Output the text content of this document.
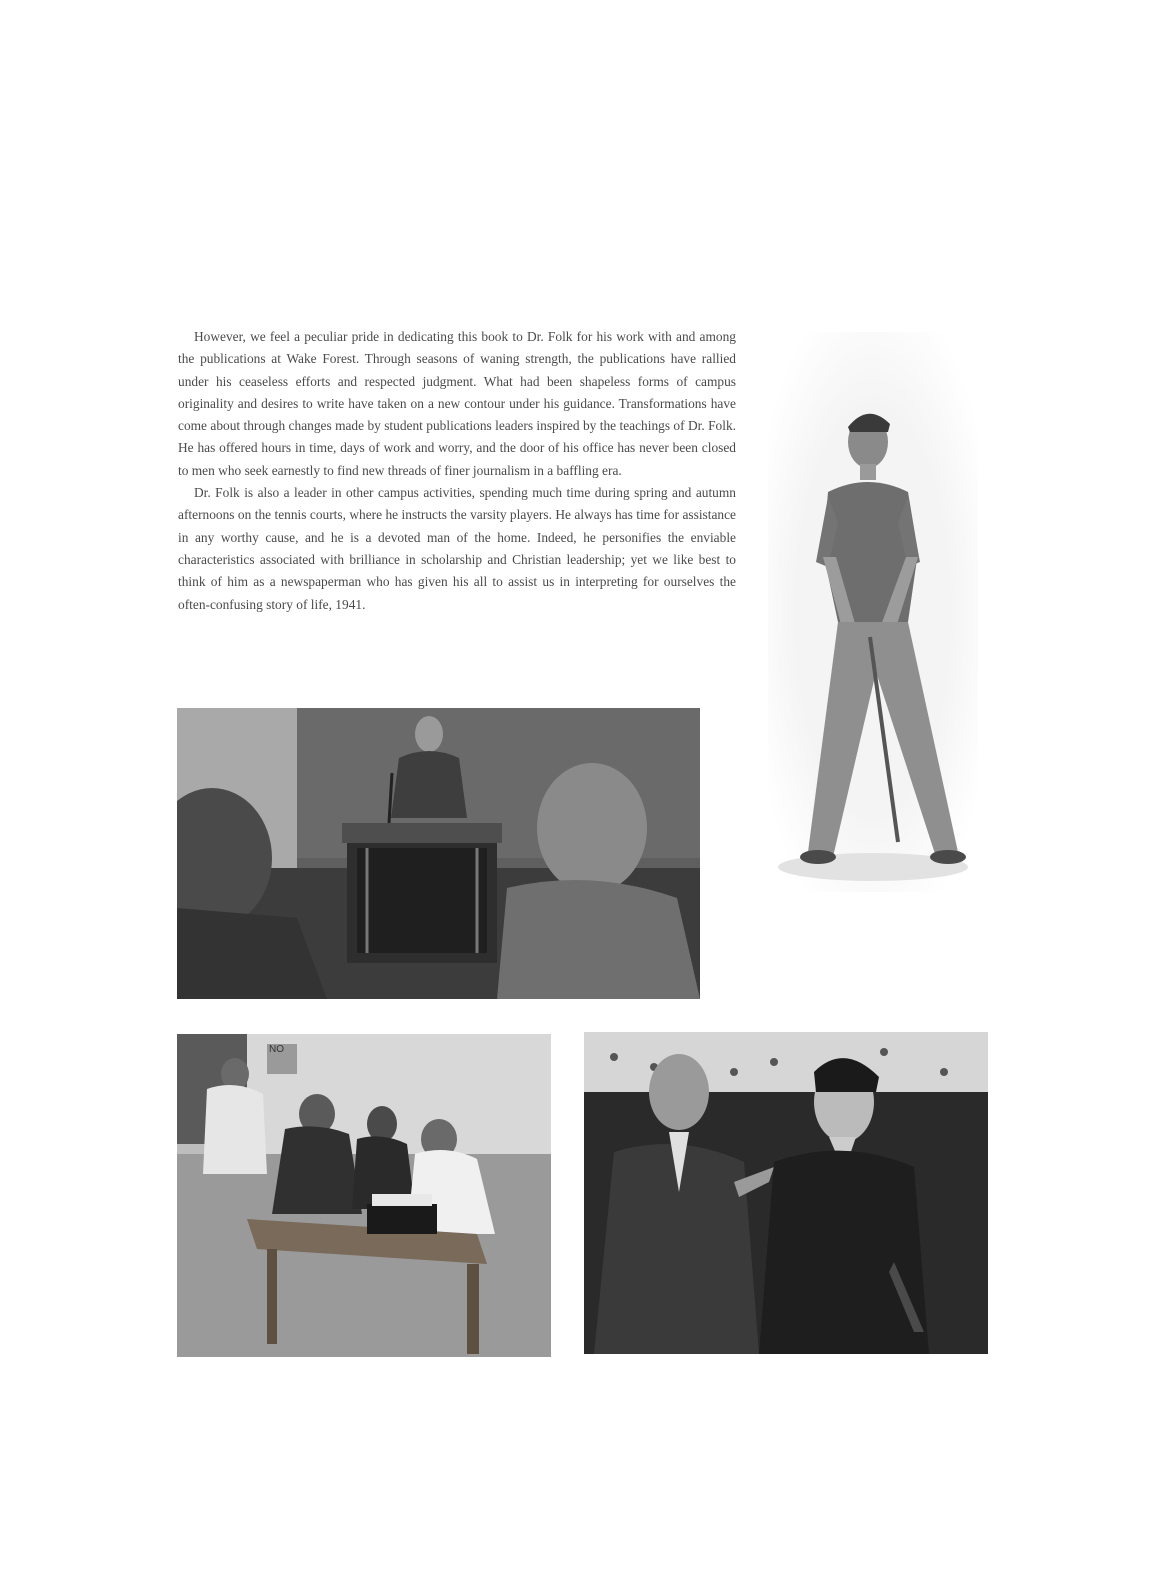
However, we feel a peculiar pride in dedicating this book to Dr. Folk for his work with and among the publications at Wake Forest. Through seasons of waning strength, the publications have rallied under his ceaseless efforts and respected judgment. What had been shapeless forms of campus originality and desires to write have taken on a new contour under his guidance. Transformations have come about through changes made by student publications leaders inspired by the teachings of Dr. Folk. He has offered hours in time, days of work and worry, and the door of his office has never been closed to men who seek earnestly to find new threads of finer journalism in a baffling era.

Dr. Folk is also a leader in other campus activities, spending much time during spring and autumn afternoons on the tennis courts, where he instructs the varsity players. He always has time for assistance in any worthy cause, and he is a devoted man of the home. Indeed, he personifies the enviable characteristics associated with brilliance in scholarship and Christian leadership; yet we like best to think of him as a newspaperman who has given his all to assist us in interpreting for ourselves the often-confusing story of life, 1941.

NO
